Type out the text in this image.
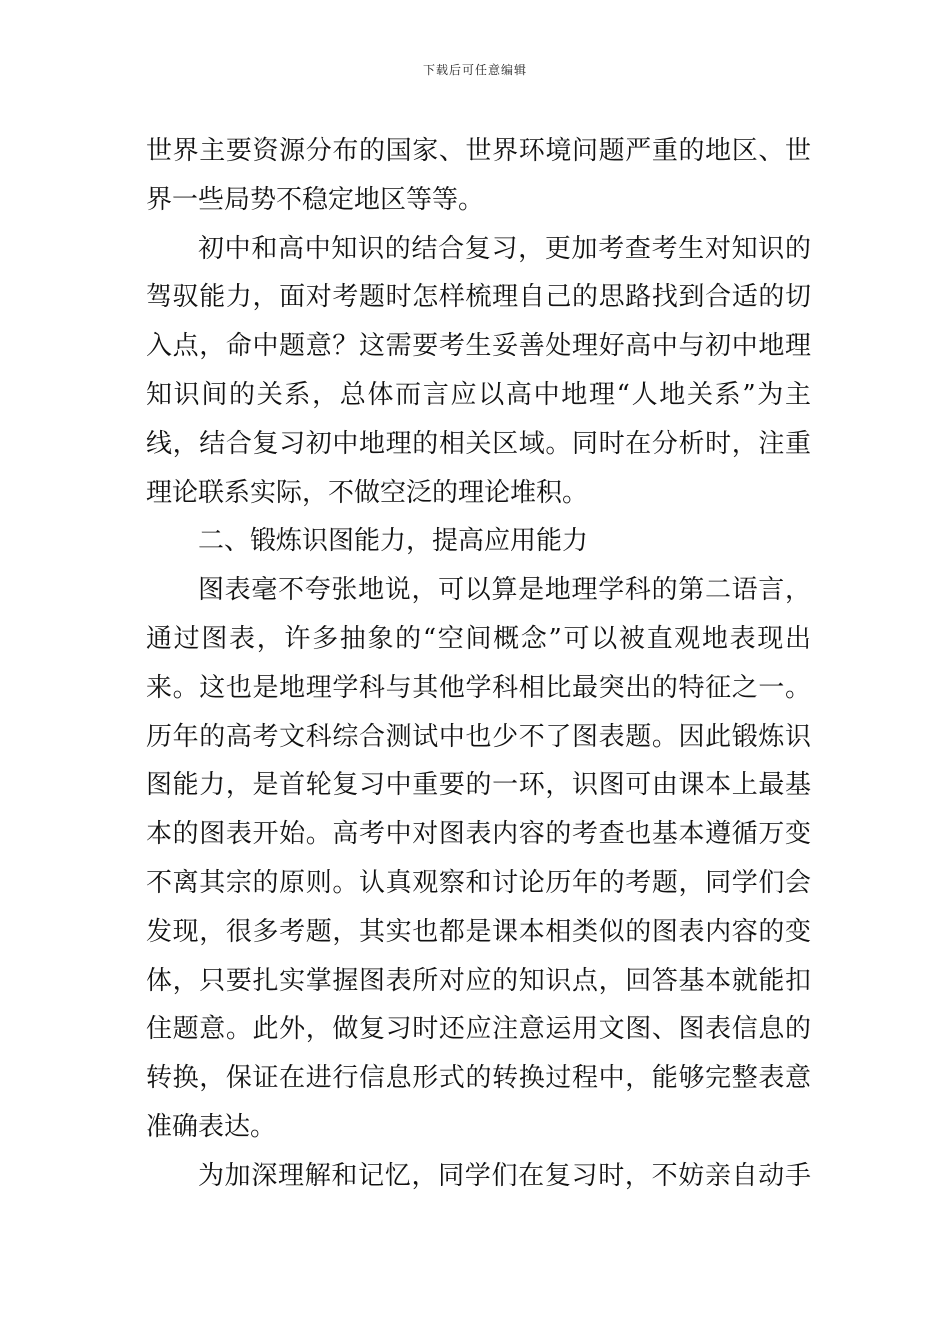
下载后可任意编辑
世界主要资源分布的国家、世界环境问题严重的地区、世
界一些局势不稳定地区等等。
初中和高中知识的结合复习，更加考查考生对知识的
驾驭能力，面对考题时怎样梳理自己的思路找到合适的切
入点，命中题意？这需要考生妥善处理好高中与初中地理
知识间的关系，总体而言应以高中地理“人地关系”为主
线，结合复习初中地理的相关区域。同时在分析时，注重
理论联系实际，不做空泛的理论堆积。
二、锻炼识图能力，提高应用能力
图表毫不夸张地说，可以算是地理学科的第二语言，
通过图表，许多抽象的“空间概念”可以被直观地表现出
来。这也是地理学科与其他学科相比最突出的特征之一。
历年的高考文科综合测试中也少不了图表题。因此锻炼识
图能力，是首轮复习中重要的一环，识图可由课本上最基
本的图表开始。高考中对图表内容的考查也基本遵循万变
不离其宗的原则。认真观察和讨论历年的考题，同学们会
发现，很多考题，其实也都是课本相类似的图表内容的变
体，只要扎实掌握图表所对应的知识点，回答基本就能扣
住题意。此外，做复习时还应注意运用文图、图表信息的
转换，保证在进行信息形式的转换过程中，能够完整表意
准确表达。
为加深理解和记忆，同学们在复习时，不妨亲自动手
